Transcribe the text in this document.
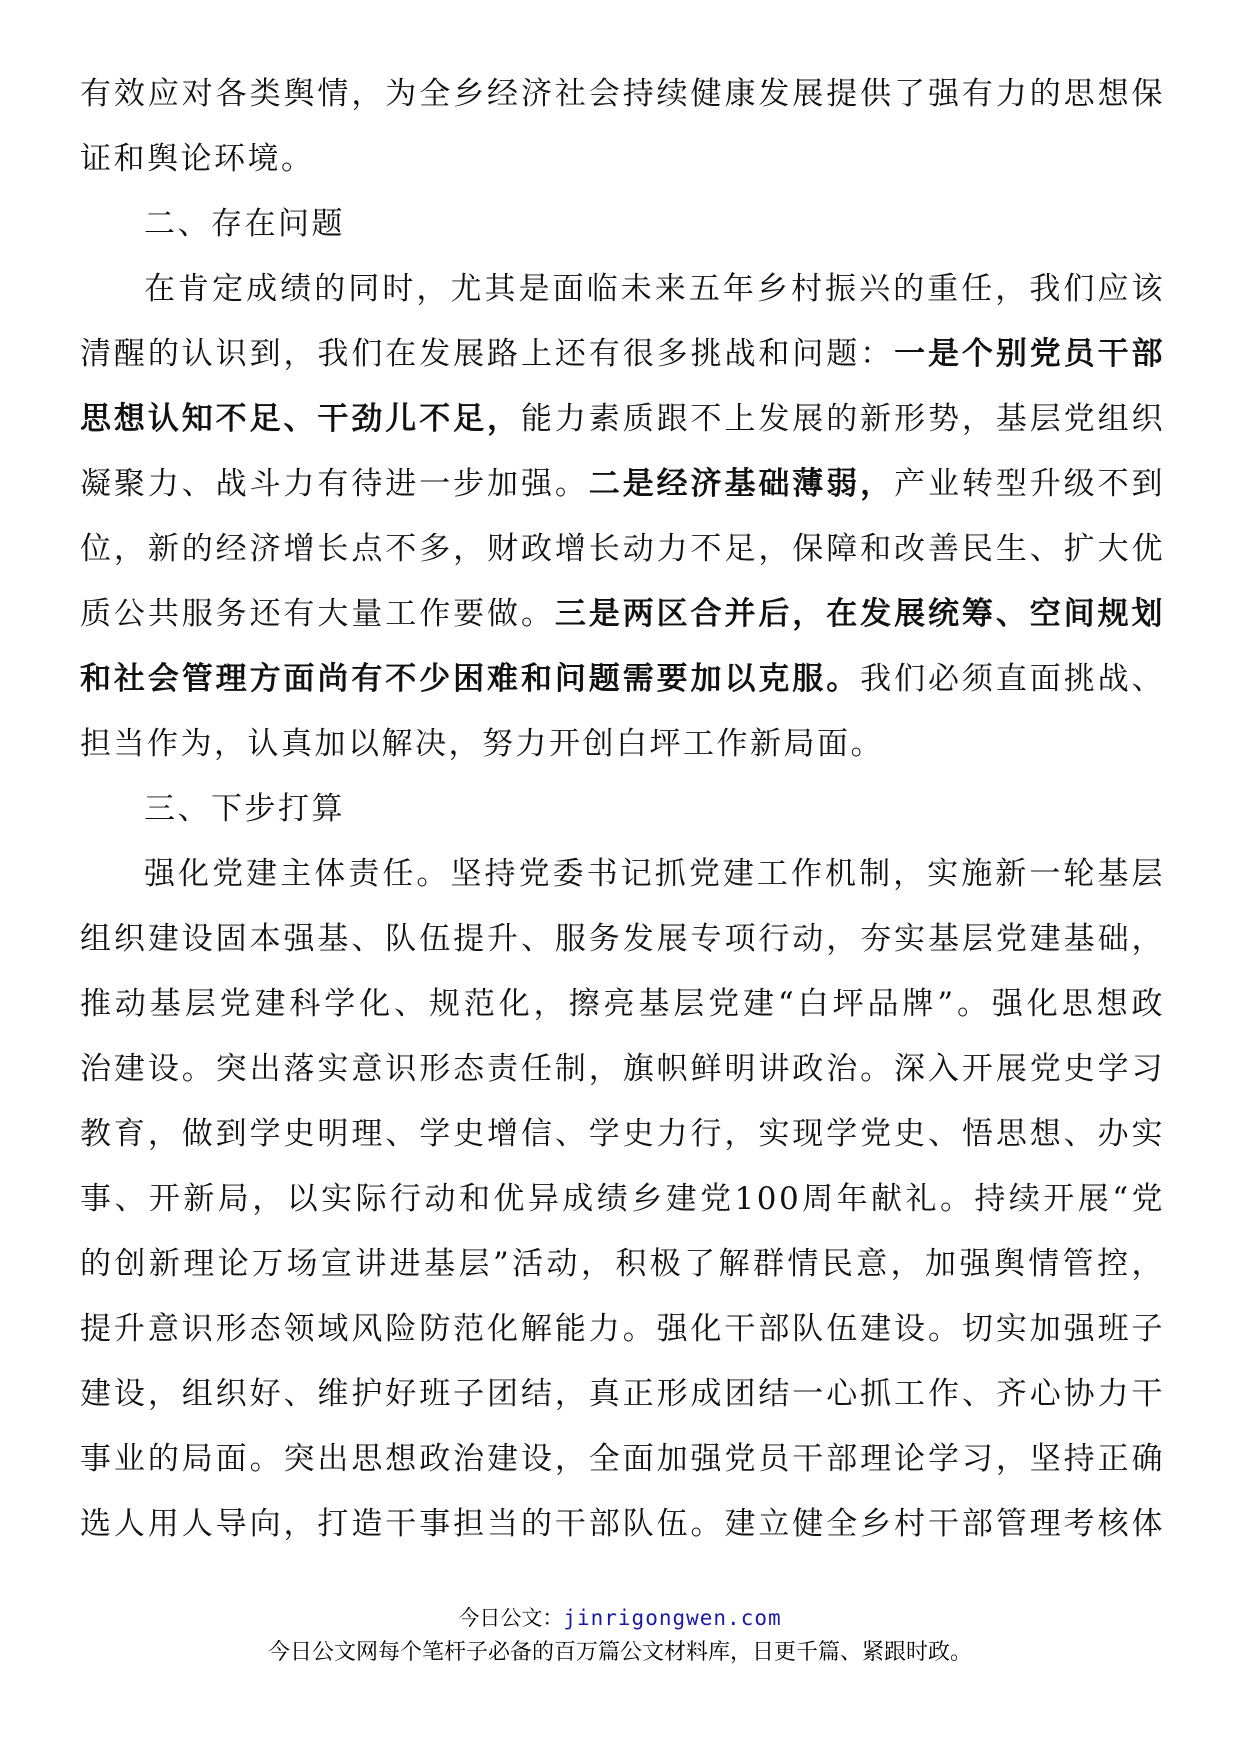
有效应对各类舆情，为全乡经济社会持续健康发展提供了强有力的思想保
证和舆论环境。
二、存在问题
在肯定成绩的同时，尤其是面临未来五年乡村振兴的重任，我们应该
清醒的认识到，我们在发展路上还有很多挑战和问题：一是个别党员干部
思想认知不足、干劲儿不足，能力素质跟不上发展的新形势，基层党组织
凝聚力、战斗力有待进一步加强。二是经济基础薄弱，产业转型升级不到
位，新的经济增长点不多，财政增长动力不足，保障和改善民生、扩大优
质公共服务还有大量工作要做。三是两区合并后，在发展统筹、空间规划
和社会管理方面尚有不少困难和问题需要加以克服。我们必须直面挑战、
担当作为，认真加以解决，努力开创白坪工作新局面。
三、下步打算
强化党建主体责任。坚持党委书记抓党建工作机制，实施新一轮基层
组织建设固本强基、队伍提升、服务发展专项行动，夯实基层党建基础，
推动基层党建科学化、规范化，擦亮基层党建“白坪品牌”。强化思想政
治建设。突出落实意识形态责任制，旗帜鲜明讲政治。深入开展党史学习
教育，做到学史明理、学史增信、学史力行，实现学党史、悟思想、办实
事、开新局，以实际行动和优异成绩乡建党100周年献礼。持续开展“党
的创新理论万场宣讲进基层”活动，积极了解群情民意，加强舆情管控，
提升意识形态领域风险防范化解能力。强化干部队伍建设。切实加强班子
建设，组织好、维护好班子团结，真正形成团结一心抓工作、齐心协力干
事业的局面。突出思想政治建设，全面加强党员干部理论学习，坚持正确
选人用人导向，打造干事担当的干部队伍。建立健全乡村干部管理考核体
今日公文：jinrigongwen.com
今日公文网每个笔杆子必备的百万篇公文材料库，日更千篇、紧跟时政。
